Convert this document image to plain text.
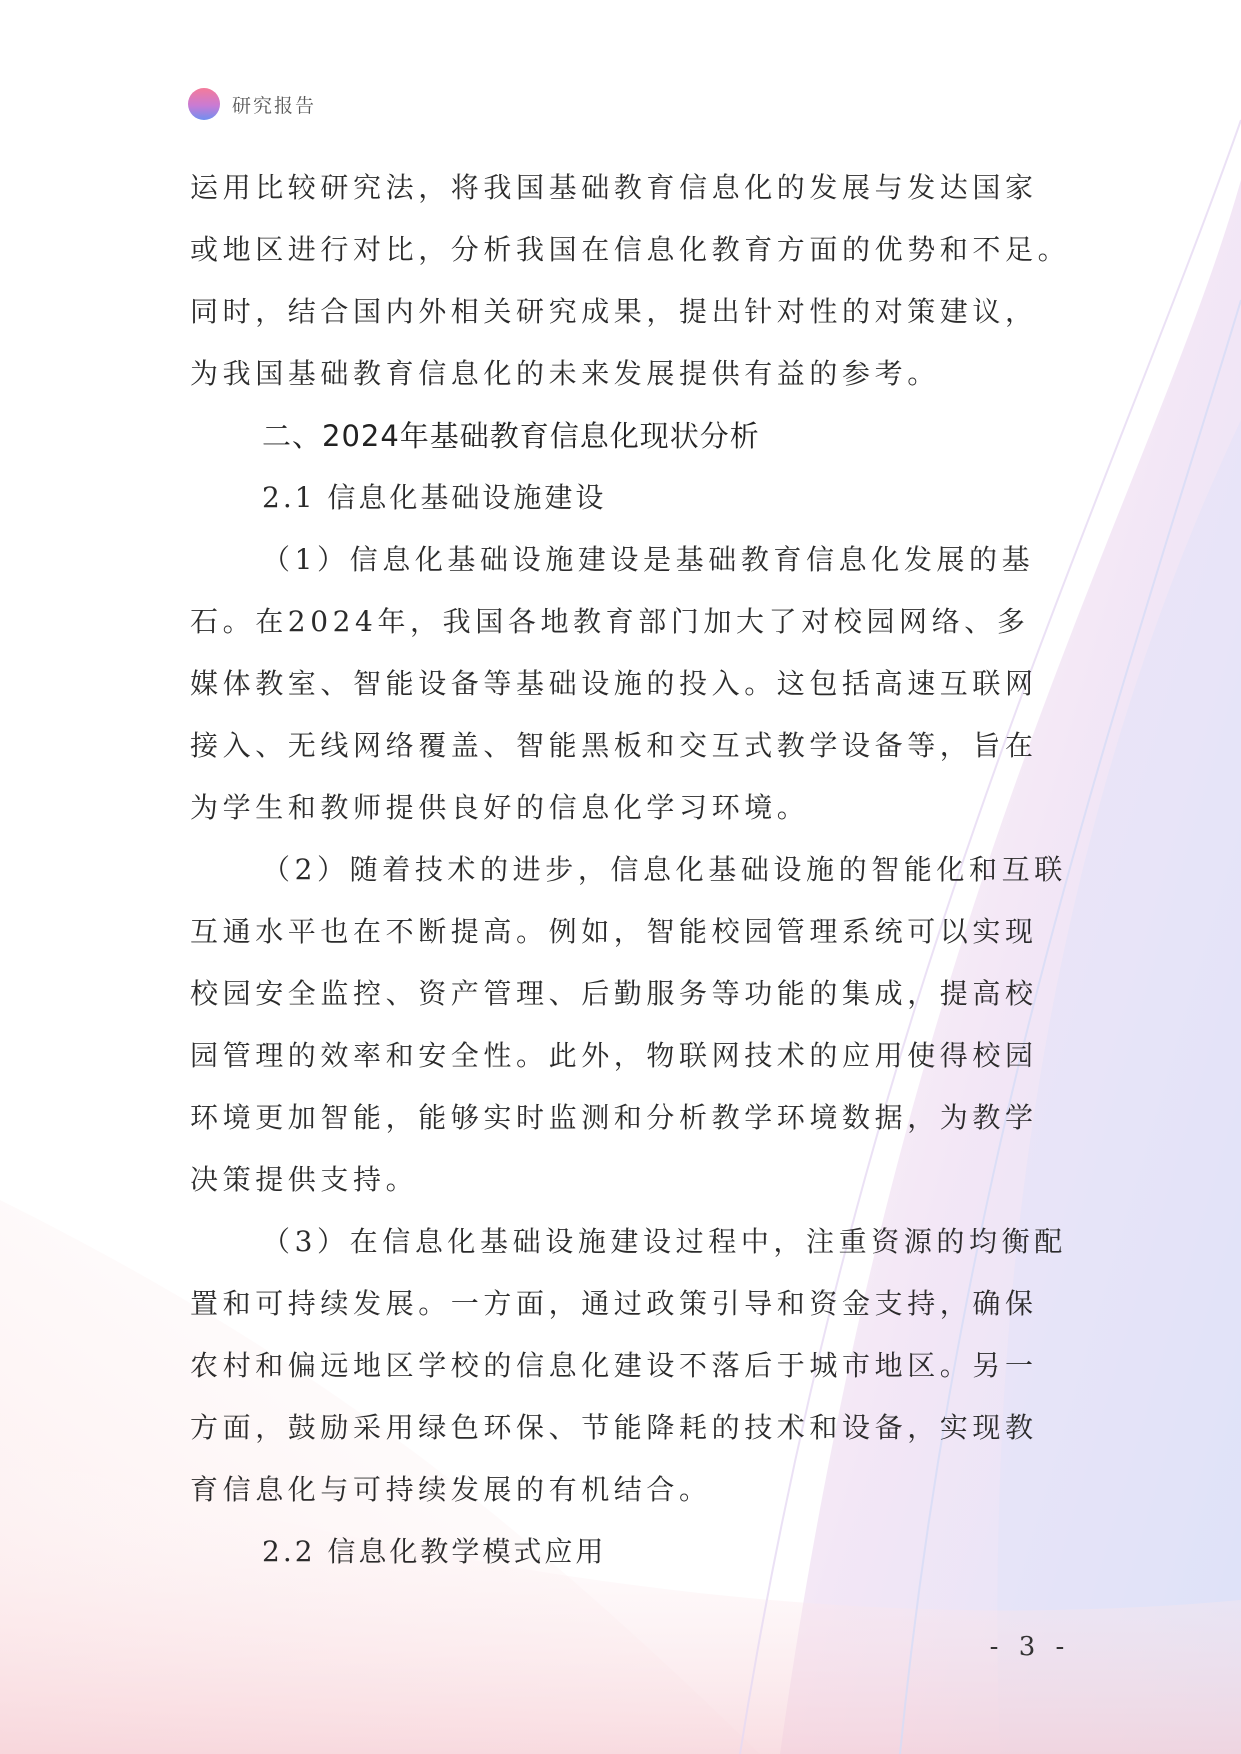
研究报告
运用比较研究法，将我国基础教育信息化的发展与发达国家
或地区进行对比，分析我国在信息化教育方面的优势和不足。
同时，结合国内外相关研究成果，提出针对性的对策建议，
为我国基础教育信息化的未来发展提供有益的参考。
二、2024年基础教育信息化现状分析
2.1 信息化基础设施建设
（1）信息化基础设施建设是基础教育信息化发展的基
石。在2024年，我国各地教育部门加大了对校园网络、多
媒体教室、智能设备等基础设施的投入。这包括高速互联网
接入、无线网络覆盖、智能黑板和交互式教学设备等，旨在
为学生和教师提供良好的信息化学习环境。
（2）随着技术的进步，信息化基础设施的智能化和互联
互通水平也在不断提高。例如，智能校园管理系统可以实现
校园安全监控、资产管理、后勤服务等功能的集成，提高校
园管理的效率和安全性。此外，物联网技术的应用使得校园
环境更加智能，能够实时监测和分析教学环境数据，为教学
决策提供支持。
（3）在信息化基础设施建设过程中，注重资源的均衡配
置和可持续发展。一方面，通过政策引导和资金支持，确保
农村和偏远地区学校的信息化建设不落后于城市地区。另一
方面，鼓励采用绿色环保、节能降耗的技术和设备，实现教
育信息化与可持续发展的有机结合。
2.2 信息化教学模式应用
- 3 -
